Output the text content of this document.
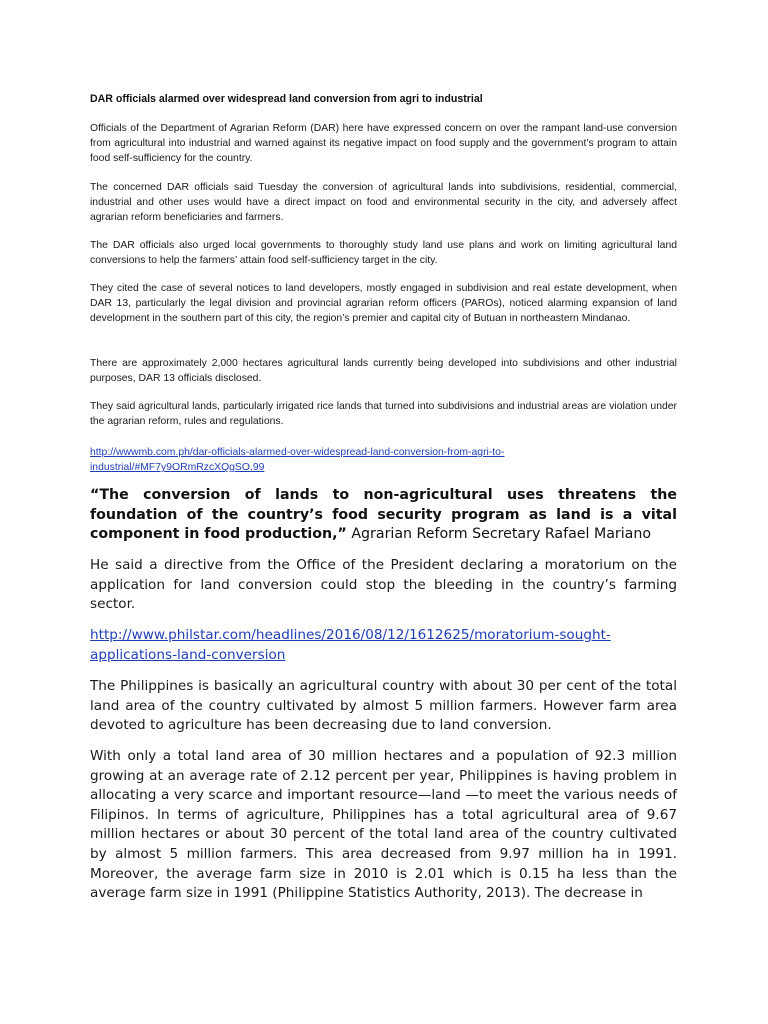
DAR officials alarmed over widespread land conversion from agri to industrial

Officials of the Department of Agrarian Reform (DAR) here have expressed concern on over the rampant land-use conversion from agricultural into industrial and warned against its negative impact on food supply and the government’s program to attain food self-sufficiency for the country.

The concerned DAR officials said Tuesday the conversion of agricultural lands into subdivisions, residential, commercial, industrial and other uses would have a direct impact on food and environmental security in the city, and adversely affect agrarian reform beneficiaries and farmers.

The DAR officials also urged local governments to thoroughly study land use plans and work on limiting agricultural land conversions to help the farmers’ attain food self-sufficiency target in the city.

They cited the case of several notices to land developers, mostly engaged in subdivision and real estate development, when DAR 13, particularly the legal division and provincial agrarian reform officers (PAROs), noticed alarming expansion of land development in the southern part of this city, the region’s premier and capital city of Butuan in northeastern Mindanao.

There are approximately 2,000 hectares agricultural lands currently being developed into subdivisions and other industrial purposes, DAR 13 officials disclosed.

They said agricultural lands, particularly irrigated rice lands that turned into subdivisions and industrial areas are violation under the agrarian reform, rules and regulations.

http://wwwmb.com.ph/dar-officials-alarmed-over-widespread-land-conversion-from-agri-to-industrial/#MF7y9ORmRzcXQgSO.99

“The conversion of lands to non-agricultural uses threatens the foundation of the country’s food security program as land is a vital component in food production,” Agrarian Reform Secretary Rafael Mariano

He said a directive from the Office of the President declaring a moratorium on the application for land conversion could stop the bleeding in the country’s farming sector.

http://www.philstar.com/headlines/2016/08/12/1612625/moratorium-sought-applications-land-conversion

The Philippines is basically an agricultural country with about 30 per cent of the total land area of the country cultivated by almost 5 million farmers. However farm area devoted to agriculture has been decreasing due to land conversion.

With only a total land area of 30 million hectares and a population of 92.3 million growing at an average rate of 2.12 percent per year, Philippines is having problem in allocating a very scarce and important resource—land —to meet the various needs of Filipinos. In terms of agriculture, Philippines has a total agricultural area of 9.67 million hectares or about 30 percent of the total land area of the country cultivated by almost 5 million farmers. This area decreased from 9.97 million ha in 1991. Moreover, the average farm size in 2010 is 2.01 which is 0.15 ha less than the average farm size in 1991 (Philippine Statistics Authority, 2013). The decrease in
